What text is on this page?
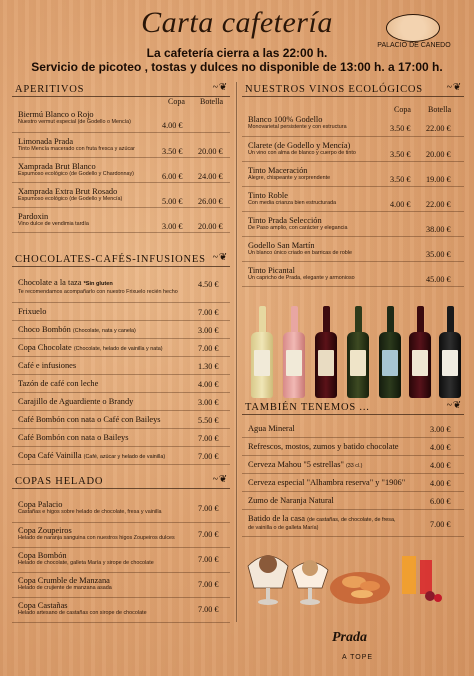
Carta cafetería
PALACIO DE CANEDO
La cafetería cierra a las 22:00 h.
Servicio de picoteo , tostas y dulces no disponible de 13:00 h. a 17:00 h.
APERITIVOS	~❦
Copa Botella
Biermú Blanco o Rojo
Nuestro vermut especial (de Godello o Mencía)	4.00 €
Limonada Prada
Tinto Mencía macerado con fruta fresca y azúcar	3.50 € 20.00 €
Xamprada Brut Blanco
Espumoso ecológico (de Godello y Chardonnay)	6.00 € 24.00 €
Xamprada Extra Brut Rosado
Espumoso ecológico (de Godello y Mencía)	5.00 € 26.00 €
Pardoxin
Vino dulce de vendimia tardía	3.00 € 20.00 €
CHOCOLATES-CAFÉS-INFUSIONES ~❦
Chocolate a la taza *Sin gluten
Te recomendamos acompañarlo con nuestro Frixuelo recién hecho
4.50 €
Frixuelo	7.00 €
Choco Bombón (Chocolate, nata y canela)	3.00 €
Copa Chocolate (Chocolate, helado de vainilla y nata)	7.00 €
Café e infusiones	1.30 €
Tazón de café con leche	4.00 €
Carajillo de Aguardiente o Brandy	3.00 €
Café Bombón con nata o Café con Baileys	5.50 €
Café Bombón con nata o Baileys	7.00 €
Copa Café Vainilla (Café, azúcar y helado de vainilla)	7.00 €
COPAS HELADO	~❦
Copa Palacio
Castañas e higos sobre helado de chocolate, fresa y vainilla	7.00 €
Copa Zoupeiros
Helado de naranja sanguina con nuestros higos Zoupeiros dulces	7.00 €
Copa Bombón
Helado de chocolate, galleta María y sirope de chocolate	7.00 €
Copa Crumble de Manzana
Helado de crujiente de manzana asada	7.00 €
Copa Castañas
Helado artesano de castañas con sirope de chocolate	7.00 €
NUESTROS VINOS ECOLÓGICOS ~❦
Copa Botella
Blanco 100% Godello
Monovarietal persistente y con estructura	3.50 € 22.00 €
Clarete (de Godello y Mencía)
Un vino con alma de blanco y cuerpo de tinto	3.50 € 20.00 €
Tinto Maceración
Alegre, chispeante y sorprendente	3.50 € 19.00 €
Tinto Roble
Con media crianza bien estructurada	4.00 € 22.00 €
Tinto Prada Selección
De Paso amplio, con carácter y elegancia	38.00 €
Godello San Martín
Un blanco único criado en barricas de roble	35.00 €
Tinto Picantal
Un capricho de Prada, elegante y armonioso	45.00 €
TAMBIÉN TENEMOS ...	~❦
Agua Mineral	3.00 €
Refrescos, mostos, zumos y batido chocolate	4.00 €
Cerveza Mahou "5 estrellas" (33 cl.)	4.00 €
Cerveza especial "Alhambra reserva" y "1906"	4.00 €
Zumo de Naranja Natural	6.00 €
Batido de la casa (de castañas, de chocolate, de fresa,
de vainilla o de galleta María)	7.00 €
Prada
A TOPE
